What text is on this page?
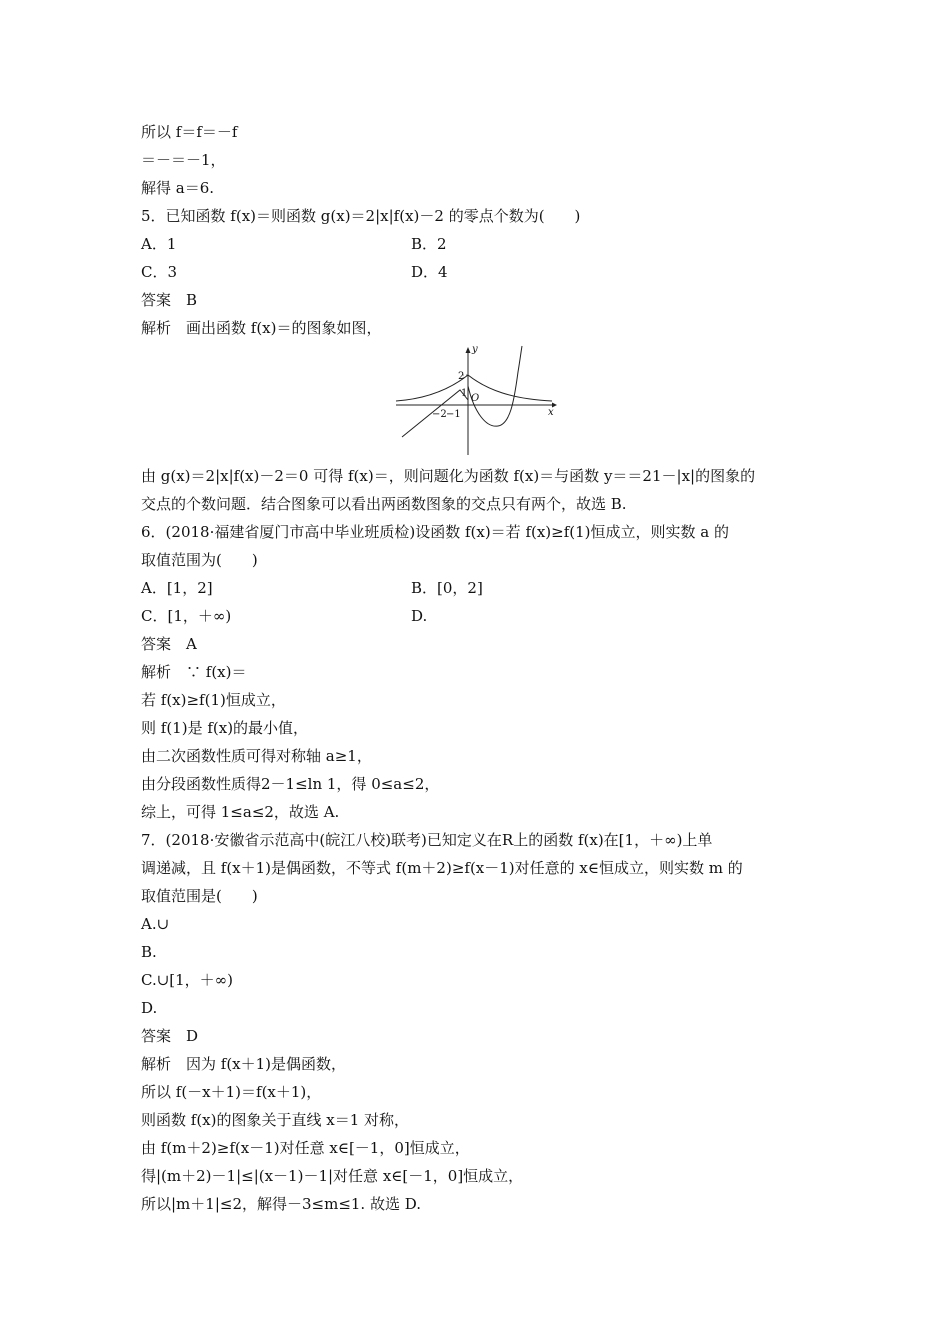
所以 f＝f＝－f
＝－＝－1，
解得 a＝6.
5．已知函数 f(x)＝则函数 g(x)＝2|x|f(x)－2 的零点个数为(　　)
A．1	B．2
C．3	D．4
答案　B
解析　画出函数 f(x)＝的图象如图，
y
x
O
2
1
−2 −1
由 g(x)＝2|x|f(x)－2＝0 可得 f(x)＝，则问题化为函数 f(x)＝与函数 y＝＝21－|x|的图象的
交点的个数问题．结合图象可以看出两函数图象的交点只有两个，故选 B.
6．(2018·福建省厦门市高中毕业班质检)设函数 f(x)＝若 f(x)≥f(1)恒成立，则实数 a 的
取值范围为(　　)
A．[1，2]	B．[0，2]
C．[1，＋∞)	D.
答案　A
解析　∵ f(x)＝
若 f(x)≥f(1)恒成立，
则 f(1)是 f(x)的最小值，
由二次函数性质可得对称轴 a≥1，
由分段函数性质得2－1≤ln 1，得 0≤a≤2，
综上，可得 1≤a≤2，故选 A.
7．(2018·安徽省示范高中(皖江八校)联考)已知定义在R上的函数 f(x)在[1，＋∞)上单
调递减，且 f(x＋1)是偶函数，不等式 f(m＋2)≥f(x－1)对任意的 x∈恒成立，则实数 m 的
取值范围是(　　)
A.∪
B.
C.∪[1，＋∞)
D.
答案　D
解析　因为 f(x＋1)是偶函数，
所以 f(－x＋1)＝f(x＋1)，
则函数 f(x)的图象关于直线 x＝1 对称，
由 f(m＋2)≥f(x－1)对任意 x∈[－1，0]恒成立，
得|(m＋2)－1|≤|(x－1)－1|对任意 x∈[－1，0]恒成立，
所以|m＋1|≤2，解得－3≤m≤1. 故选 D.
